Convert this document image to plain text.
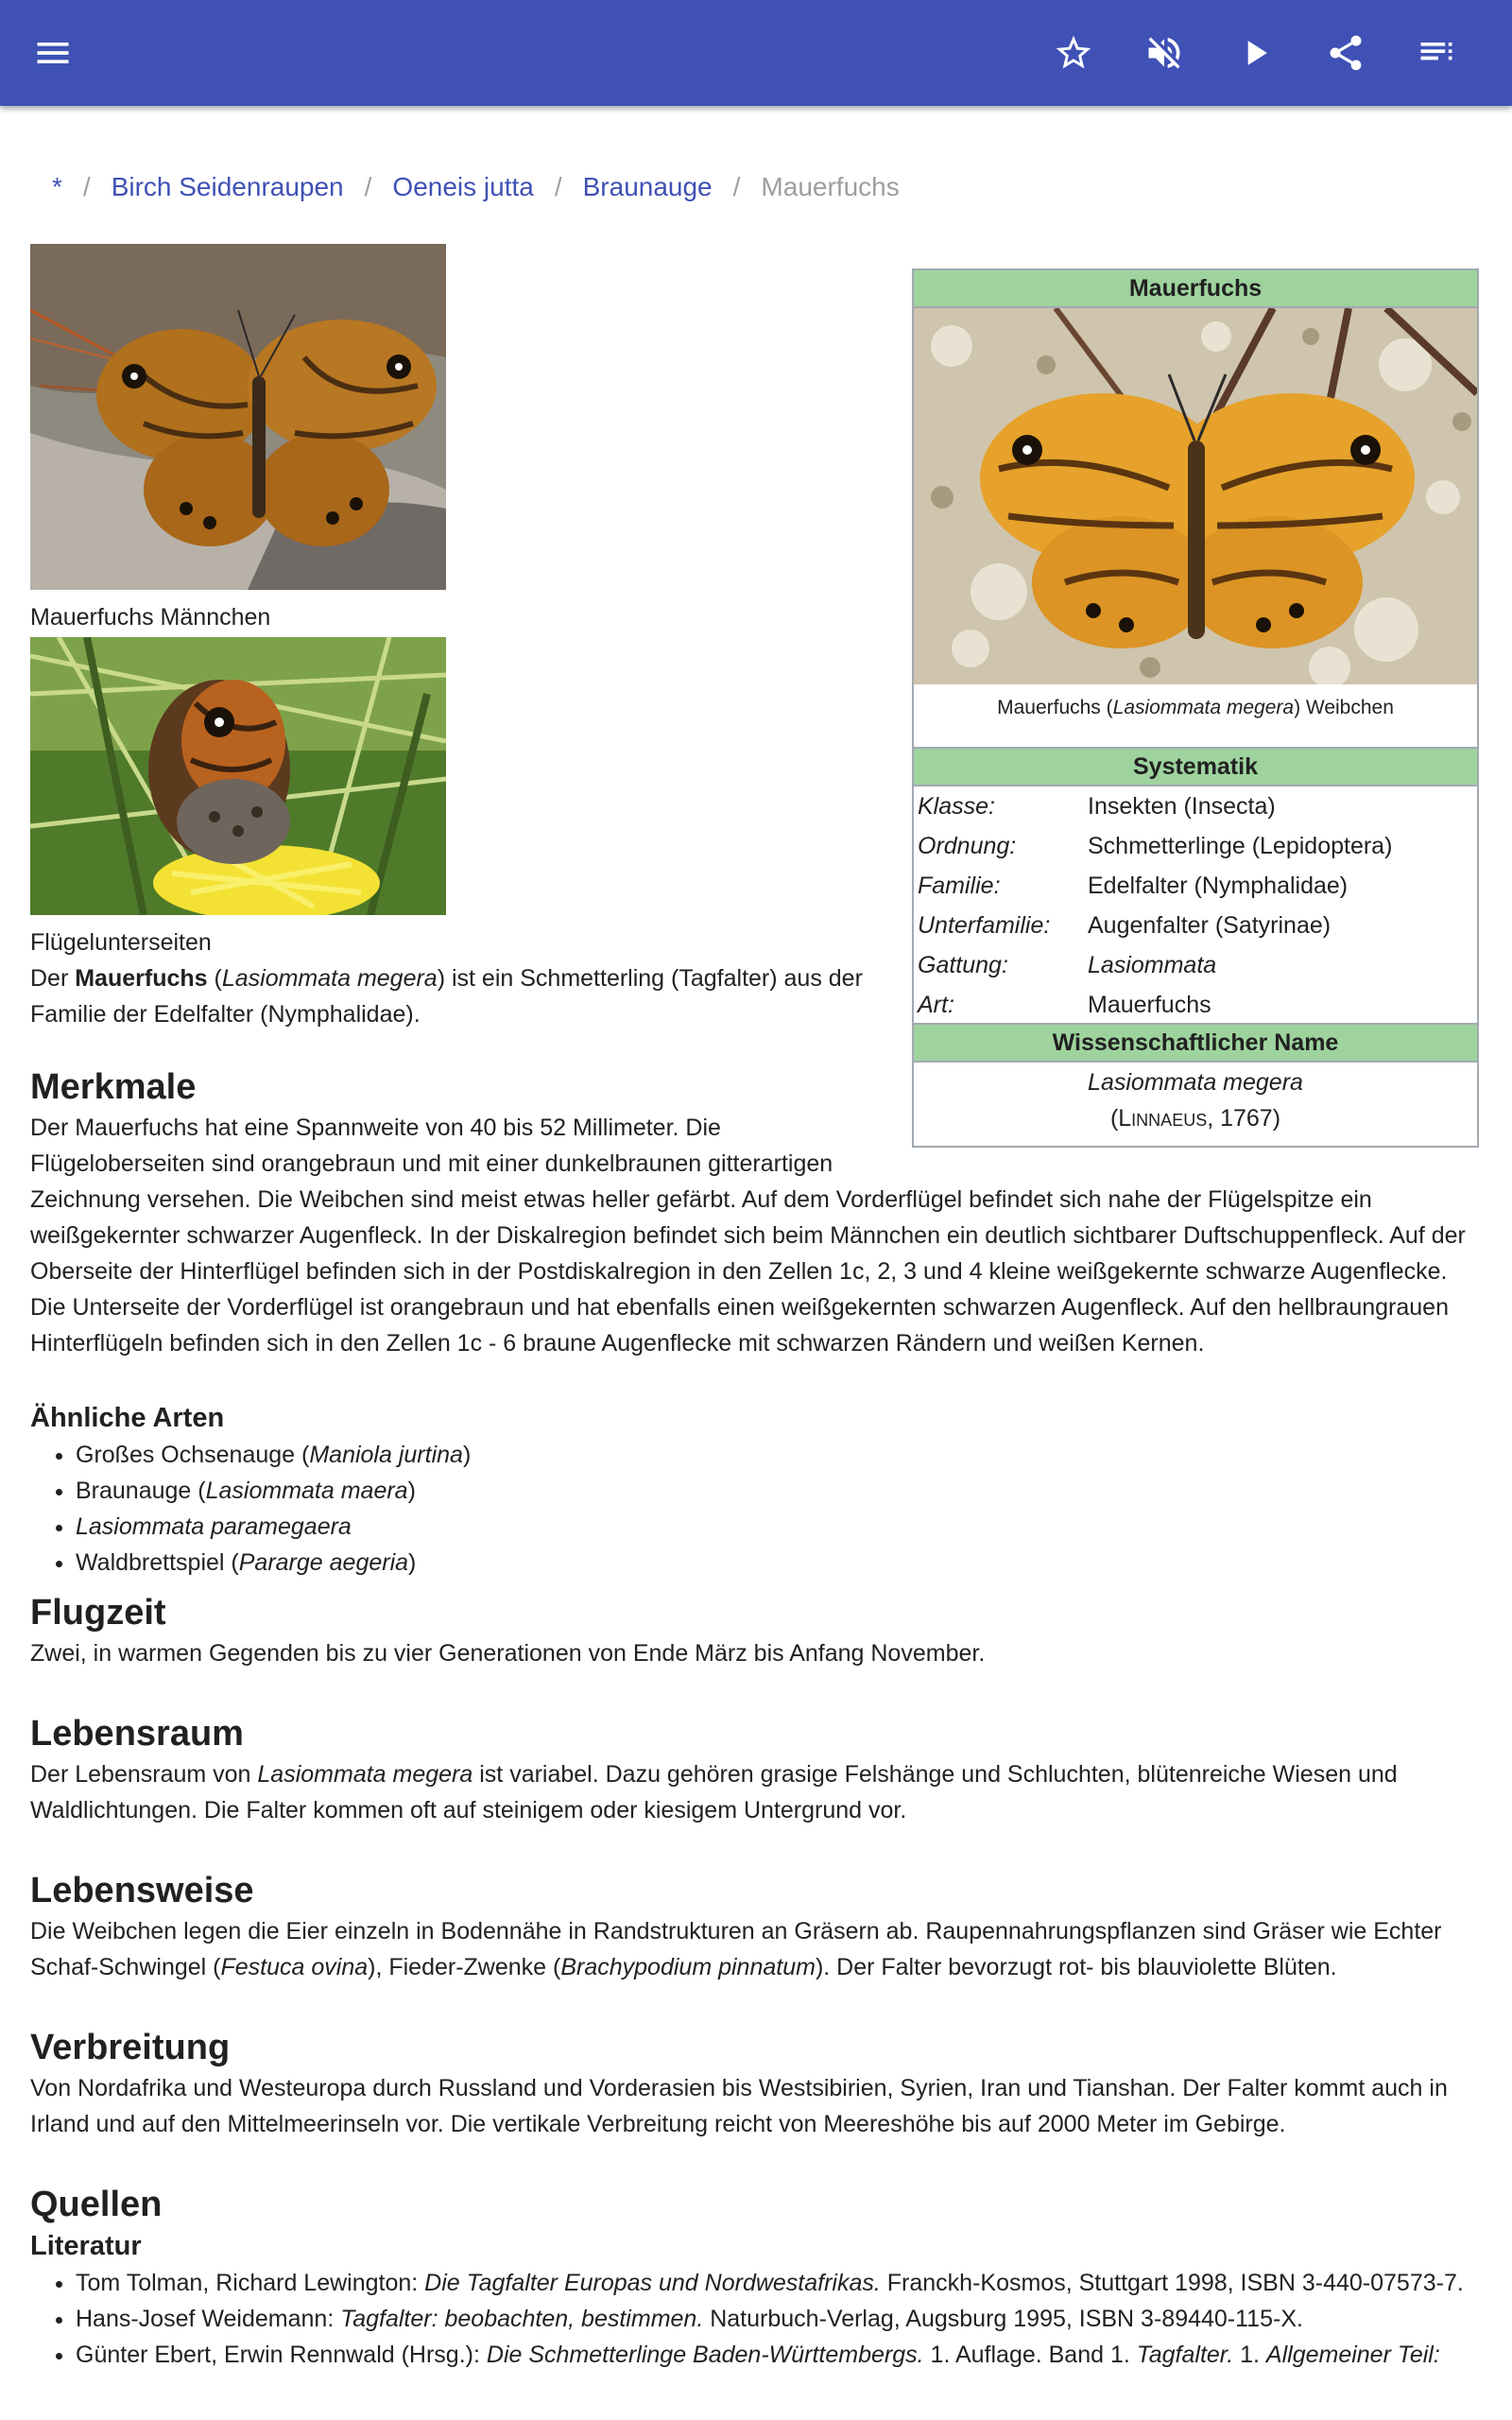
* / Birch Seidenraupen / Oeneis jutta / Braunauge / Mauerfuchs
Mauerfuchs Männchen
Flügelunterseiten
Der Mauerfuchs (Lasiommata megera) ist ein Schmetterling (Tagfalter) aus der Familie der Edelfalter (Nymphalidae).
Mauerfuchs
Mauerfuchs (Lasiommata megera) Weibchen
Systematik
Klasse:	Insekten (Insecta)
Ordnung:	Schmetterlinge (Lepidoptera)
Familie:	Edelfalter (Nymphalidae)
Unterfamilie:	Augenfalter (Satyrinae)
Gattung:	Lasiommata
Art:	Mauerfuchs
Wissenschaftlicher Name
Lasiommata megera
(Linnaeus, 1767)
Merkmale
Der Mauerfuchs hat eine Spannweite von 40 bis 52 Millimeter. Die
Flügeloberseiten sind orangebraun und mit einer dunkelbraunen gitterartigen
Zeichnung versehen. Die Weibchen sind meist etwas heller gefärbt. Auf dem Vorderflügel befindet sich nahe der Flügelspitze ein weißgekernter schwarzer Augenfleck. In der Diskalregion befindet sich beim Männchen ein deutlich sichtbarer Duftschuppenfleck. Auf der Oberseite der Hinterflügel befinden sich in der Postdiskalregion in den Zellen 1c, 2, 3 und 4 kleine weißgekernte schwarze Augenflecke. Die Unterseite der Vorderflügel ist orangebraun und hat ebenfalls einen weißgekernten schwarzen Augenfleck. Auf den hellbraungrauen Hinterflügeln befinden sich in den Zellen 1c - 6 braune Augenflecke mit schwarzen Rändern und weißen Kernen.
Ähnliche Arten
• Großes Ochsenauge (Maniola jurtina)
• Braunauge (Lasiommata maera)
• Lasiommata paramegaera
• Waldbrettspiel (Pararge aegeria)
Flugzeit

Zwei, in warmen Gegenden bis zu vier Generationen von Ende März bis Anfang November.

Lebensraum

Der Lebensraum von Lasiommata megera ist variabel. Dazu gehören grasige Felshänge und Schluchten, blütenreiche Wiesen und Waldlichtungen. Die Falter kommen oft auf steinigem oder kiesigem Untergrund vor.

Lebensweise

Die Weibchen legen die Eier einzeln in Bodennähe in Randstrukturen an Gräsern ab. Raupennahrungspflanzen sind Gräser wie Echter Schaf-Schwingel (Festuca ovina), Fieder-Zwenke (Brachypodium pinnatum). Der Falter bevorzugt rot- bis blauviolette Blüten.

Verbreitung

Von Nordafrika und Westeuropa durch Russland und Vorderasien bis Westsibirien, Syrien, Iran und Tianshan. Der Falter kommt auch in Irland und auf den Mittelmeerinseln vor. Die vertikale Verbreitung reicht von Meereshöhe bis auf 2000 Meter im Gebirge.

Quellen
Literatur
• Tom Tolman, Richard Lewington: Die Tagfalter Europas und Nordwestafrikas. Franckh-Kosmos, Stuttgart 1998, ISBN 3-440-07573-7.
• Hans-Josef Weidemann: Tagfalter: beobachten, bestimmen. Naturbuch-Verlag, Augsburg 1995, ISBN 3-89440-115-X.
• Günter Ebert, Erwin Rennwald (Hrsg.): Die Schmetterlinge Baden-Württembergs. 1. Auflage. Band 1. Tagfalter. 1. Allgemeiner Teil:
